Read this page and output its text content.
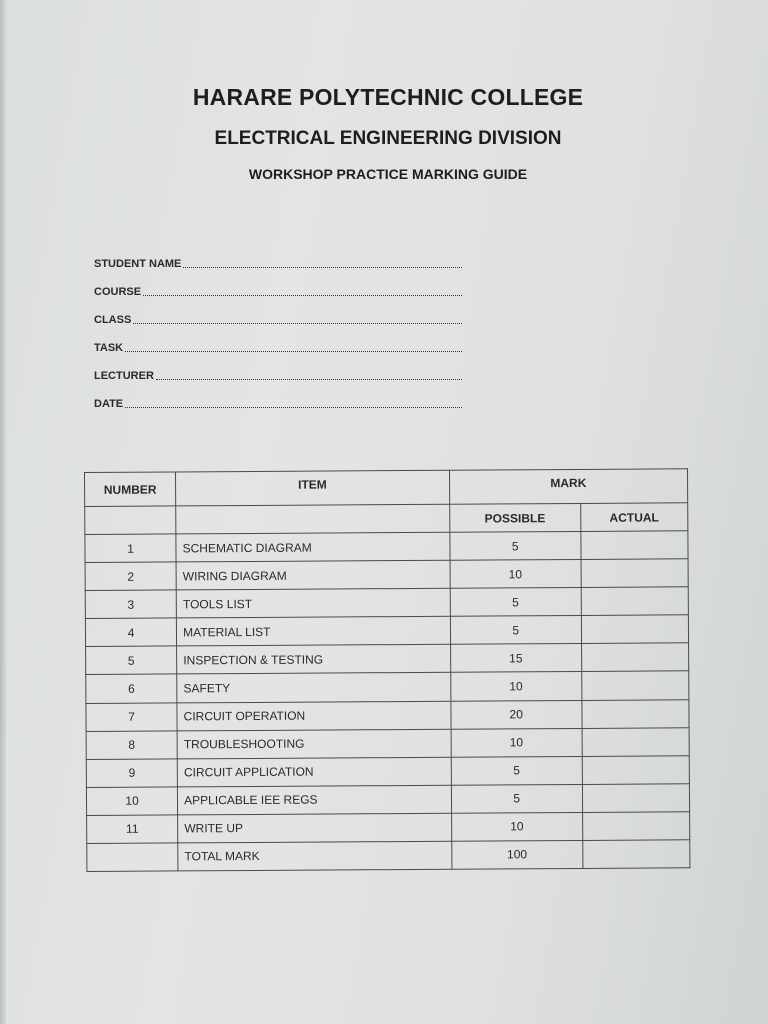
HARARE POLYTECHNIC COLLEGE
ELECTRICAL ENGINEERING DIVISION
WORKSHOP PRACTICE MARKING GUIDE
STUDENT NAME
COURSE
CLASS
TASK
LECTURER
DATE
NUMBER	ITEM	MARK	
		POSSIBLE	ACTUAL
1	SCHEMATIC DIAGRAM	5	
2	WIRING DIAGRAM	10	
3	TOOLS LIST	5	
4	MATERIAL LIST	5	
5	INSPECTION & TESTING	15	
6	SAFETY	10	
7	CIRCUIT OPERATION	20	
8	TROUBLESHOOTING	10	
9	CIRCUIT APPLICATION	5	
10	APPLICABLE IEE REGS	5	
11	WRITE UP	10	
	TOTAL MARK	100	
